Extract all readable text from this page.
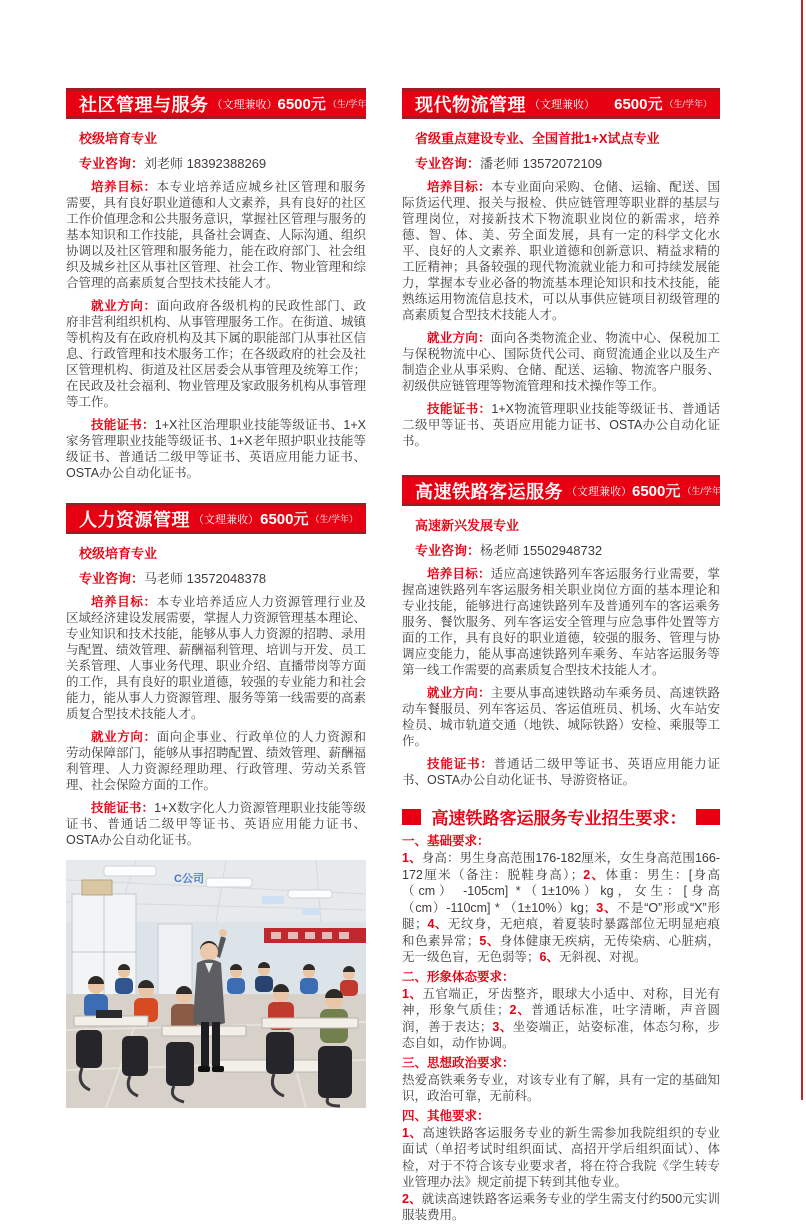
社区管理与服务 （文理兼收） 6500元 （生/学年）
校级培育专业
专业咨询：刘老师 18392388269

培养目标：本专业培养适应城乡社区管理和服务需要，具有良好职业道德和人文素养，具有良好的社区工作价值理念和公共服务意识，掌握社区管理与服务的基本知识和工作技能，具备社会调查、人际沟通、组织协调以及社区管理和服务能力，能在政府部门、社会组织及城乡社区从事社区管理、社会工作、物业管理和综合管理的高素质复合型技术技能人才。

就业方向：面向政府各级机构的民政性部门、政府非营利组织机构、从事管理服务工作。在街道、城镇等机构及有在政府机构及其下属的职能部门从事社区信息、行政管理和技术服务工作；在各级政府的社会及社区管理机构、街道及社区居委会从事管理及统筹工作；在民政及社会福利、物业管理及家政服务机构从事管理等工作。

技能证书：1+X社区治理职业技能等级证书、1+X家务管理职业技能等级证书、1+X老年照护职业技能等级证书、普通话二级甲等证书、英语应用能力证书、OSTA办公自动化证书。

人力资源管理 （文理兼收） 6500元 （生/学年）
校级培育专业
专业咨询：马老师 13572048378

培养目标：本专业培养适应人力资源管理行业及区域经济建设发展需要，掌握人力资源管理基本理论、专业知识和技术技能，能够从事人力资源的招聘、录用与配置、绩效管理、薪酬福利管理、培训与开发、员工关系管理、人事业务代理、职业介绍、直播带岗等方面的工作，具有良好的职业道德，较强的专业能力和社会能力，能从事人力资源管理、服务等第一线需要的高素质复合型技术技能人才。

就业方向：面向企事业、行政单位的人力资源和劳动保障部门，能够从事招聘配置、绩效管理、薪酬福利管理、人力资源经理助理、行政管理、劳动关系管理、社会保险方面的工作。

技能证书：1+X数字化人力资源管理职业技能等级证书、普通话二级甲等证书、英语应用能力证书、OSTA办公自动化证书。

C公司
现代物流管理 （文理兼收） 6500元 （生/学年）
省级重点建设专业、全国首批1+X试点专业
专业咨询：潘老师 13572072109

培养目标：本专业面向采购、仓储、运输、配送、国际货运代理、报关与报检、供应链管理等职业群的基层与管理岗位，对接新技术下物流职业岗位的新需求，培养德、智、体、美、劳全面发展，具有一定的科学文化水平、良好的人文素养、职业道德和创新意识、精益求精的工匠精神；具备较强的现代物流就业能力和可持续发展能力，掌握本专业必备的物流基本理论知识和技术技能，能熟练运用物流信息技术，可以从事供应链项目初级管理的高素质复合型技术技能人才。

就业方向：面向各类物流企业、物流中心、保税加工与保税物流中心、国际货代公司、商贸流通企业以及生产制造企业从事采购、仓储、配送、运输、物流客户服务、初级供应链管理等物流管理和技术操作等工作。

技能证书：1+X物流管理职业技能等级证书、普通话二级甲等证书、英语应用能力证书、OSTA办公自动化证书。

高速铁路客运服务 （文理兼收） 6500元 （生/学年）
高速新兴发展专业
专业咨询：杨老师 15502948732

培养目标：适应高速铁路列车客运服务行业需要，掌握高速铁路列车客运服务相关职业岗位方面的基本理论和专业技能，能够进行高速铁路列车及普通列车的客运乘务服务、餐饮服务、列车客运安全管理与应急事件处置等方面的工作，具有良好的职业道德，较强的服务、管理与协调应变能力，能从事高速铁路列车乘务、车站客运服务等第一线工作需要的高素质复合型技术技能人才。

就业方向：主要从事高速铁路动车乘务员、高速铁路动车餐服员、列车客运员、客运值班员、机场、火车站安检员、城市轨道交通（地铁、城际铁路）安检、乘服等工作。

技能证书：普通话二级甲等证书、英语应用能力证书、OSTA办公自动化证书、导游资格证。

高速铁路客运服务专业招生要求：
一、基础要求：
1、身高：男生身高范围176-182厘米，女生身高范围166-172厘米（备注：脱鞋身高）；2、体重：男生：[身高（cm） -105cm] *（1±10%）kg，女生：[身高（cm）-110cm] * （1±10%）kg；3、不是“O”形或“X”形腿；4、无纹身，无疤痕，着夏装时暴露部位无明显疤痕和色素异常；5、身体健康无疾病，无传染病、心脏病，无一级色盲，无色弱等；6、无斜视、对视。
二、形象体态要求：
1、五官端正，牙齿整齐，眼球大小适中、对称，目光有神，形象气质佳；2、普通话标准，吐字清晰，声音圆润，善于表达；3、坐姿端正，站姿标准，体态匀称，步态自如，动作协调。
三、思想政治要求：
热爱高铁乘务专业，对该专业有了解，具有一定的基础知识，政治可靠，无前科。
四、其他要求：
1、高速铁路客运服务专业的新生需参加我院组织的专业面试（单招考试时组织面试、高招开学后组织面试）、体检，对于不符合该专业要求者，将在符合我院《学生转专业管理办法》规定前提下转到其他专业。
2、就读高速铁路客运乘务专业的学生需支付约500元实训服装费用。
